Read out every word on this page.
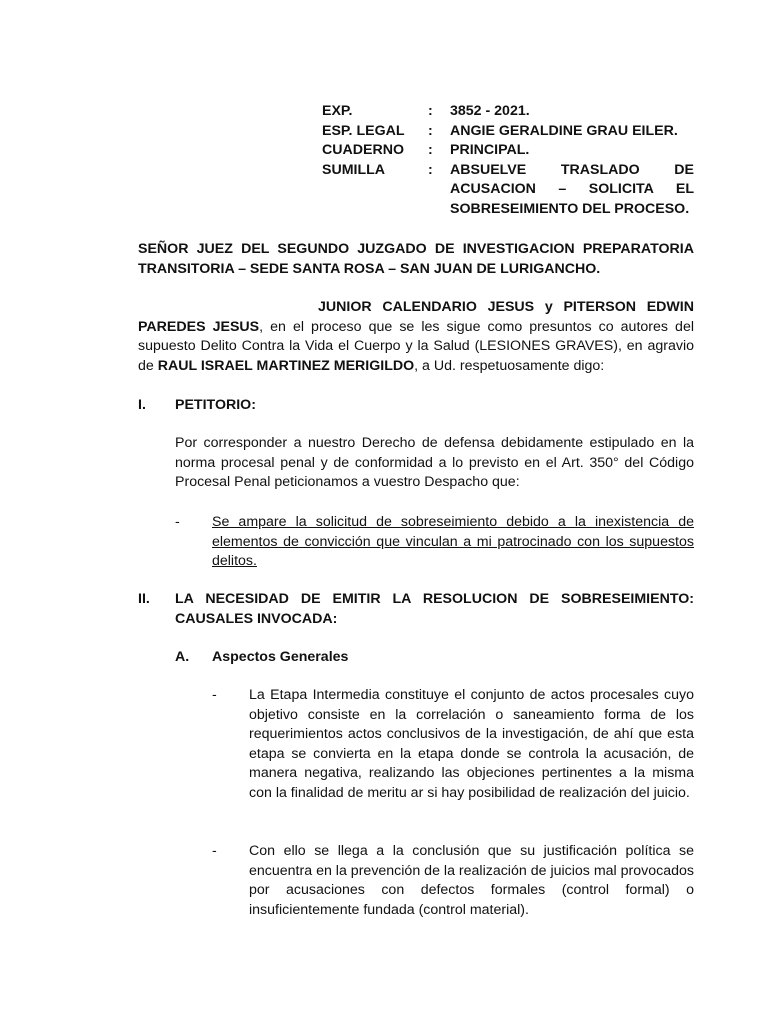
EXP.	:	3852 - 2021.
ESP. LEGAL	:	ANGIE GERALDINE GRAU EILER.
CUADERNO	:	PRINCIPAL.
SUMILLA	:	ABSUELVE TRASLADO DE
ACUSACION – SOLICITA EL
SOBRESEIMIENTO DEL PROCESO.
SEÑOR JUEZ DEL SEGUNDO JUZGADO DE INVESTIGACION PREPARATORIA
TRANSITORIA – SEDE SANTA ROSA – SAN JUAN DE LURIGANCHO.
JUNIOR CALENDARIO JESUS y PITERSON EDWIN
PAREDES JESUS, en el proceso que se les sigue como presuntos co autores del supuesto Delito Contra la Vida el Cuerpo y la Salud (LESIONES GRAVES), en agravio de RAUL ISRAEL MARTINEZ MERIGILDO, a Ud. respetuosamente digo:
I. PETITORIO:
Por corresponder a nuestro Derecho de defensa debidamente estipulado en la norma procesal penal y de conformidad a lo previsto en el Art. 350° del Código Procesal Penal peticionamos a vuestro Despacho que:
- Se ampare la solicitud de sobreseimiento debido a la inexistencia de elementos de convicción que vinculan a mi patrocinado con los supuestos delitos.
II. LA NECESIDAD DE EMITIR LA RESOLUCION DE SOBRESEIMIENTO:
CAUSALES INVOCADA:
A. Aspectos Generales
- La Etapa Intermedia constituye el conjunto de actos procesales cuyo objetivo consiste en la correlación o saneamiento forma de los requerimientos actos conclusivos de la investigación, de ahí que esta etapa se convierta en la etapa donde se controla la acusación, de manera negativa, realizando las objeciones pertinentes a la misma con la finalidad de meritu ar si hay posibilidad de realización del juicio.
- Con ello se llega a la conclusión que su justificación política se encuentra en la prevención de la realización de juicios mal provocados por acusaciones con defectos formales (control formal) o insuficientemente fundada (control material).
